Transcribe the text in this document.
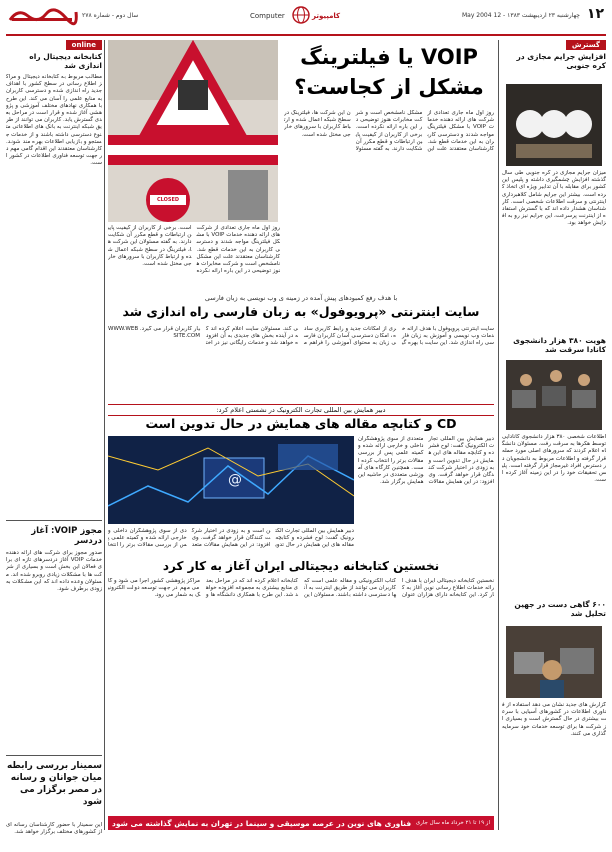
۱۲
چهارشنبه ۲۳ اردیبهشت ۱۳۸۳ - 12 May 2004
کامپیوتر
Computer
سال دوم - شماره ۲۷۸
online
کتابخانه دیجیتال راه اندازی شد
مطالب مربوط به کتابخانه دیجیتال و مراکز اطلاع رسانی در سطح کشور با اهداف جدید راه اندازی شده و دسترسی کاربران به منابع علمی را آسان می کند. این طرح با همکاری نهادهای مختلف آموزشی و پژوهشی آغاز شده و قرار است در مراحل بعدی گسترش یابد. کاربران می توانند از طریق شبکه اینترنت به بانک های اطلاعاتی متنوع دسترسی داشته باشند و از خدمات جستجو و بازیابی اطلاعات بهره مند شوند. کارشناسان معتقدند این اقدام گامی مهم در جهت توسعه فناوری اطلاعات در کشور است.
مجوز VOIP: آغاز دردسر
صدور مجوز برای شرکت های ارائه دهنده خدمات VOIP آغاز دردسرهای تازه ای برای فعالان این بخش است و بسیاری از شرکت ها با مشکلات زیادی روبرو شده اند. مسئولان وعده داده اند که این مشکلات به زودی برطرف شود.
سمینار بررسی رابطه میان جوانان و رسانه در مصر برگزار می شود
این سمینار با حضور کارشناسان رسانه ای از کشورهای مختلف برگزار خواهد شد.
CLOSED
VOIP یا فیلترینگ
مشکل از کجاست؟
روز اول ماه جاری تعدادی از شرکت های ارائه دهنده خدمات VOIP با مشکل فیلترینگ مواجه شدند و دسترسی کاربران به این خدمات قطع شد. کارشناسان معتقدند علت این مشکل نامشخص است و شرکت مخابرات هنوز توضیحی در این باره ارائه نکرده است. برخی از کاربران از کیفیت پایین ارتباطات و قطع مکرر آن شکایت دارند. به گفته مسئولان این شرکت ها، فیلترینگ در سطح شبکه اعمال شده و ارتباط کاربران با سرورهای خارجی مختل شده است.
روز اول ماه جاری تعدادی از شرکت های ارائه دهنده خدمات VOIP با مشکل فیلترینگ مواجه شدند و دسترسی کاربران به این خدمات قطع شد. کارشناسان معتقدند علت این مشکل نامشخص است و شرکت مخابرات هنوز توضیحی در این باره ارائه نکرده است. برخی از کاربران از کیفیت پایین ارتباطات و قطع مکرر آن شکایت دارند. به گفته مسئولان این شرکت ها، فیلترینگ در سطح شبکه اعمال شده و ارتباط کاربران با سرورهای خارجی مختل شده است.
با هدف رفع کمبودهای پیش آمده در زمینه ی وب نویسی به زبان فارسی
سایت اینترنتی «پرویوفول» به زبان فارسی راه اندازی شد
سایت اینترنتی پرویوفول با هدف ارائه خدمات وب نویسی و آموزش به زبان فارسی راه اندازی شد. این سایت با بهره گیری از امکانات جدید و رابط کاربری ساده، امکان دسترسی آسان کاربران فارسی زبان به محتوای آموزشی را فراهم می کند. مسئولان سایت اعلام کرده اند که در آینده بخش های جدیدی به آن افزوده خواهد شد و خدمات رایگانی نیز در اختیار کاربران قرار می گیرد. WWW.WEBSITE.COM
دبیر همایش بین المللی تجارت الکترونیک در نشستی اعلام کرد:
CD و کتابچه مقاله های همایش در حال تدوین است
@
دبیر همایش بین المللی تجارت الکترونیک گفت: لوح فشرده و کتابچه مقاله های این همایش در حال تدوین است و به زودی در اختیار شرکت کنندگان قرار خواهد گرفت. وی افزود: در این همایش مقالات متعددی از سوی پژوهشگران داخلی و خارجی ارائه شده و کمیته علمی پس از بررسی مقالات برتر را انتخاب کرده است. همچنین کارگاه های آموزشی متعددی در حاشیه این همایش برگزار شد.
دبیر همایش بین المللی تجارت الکترونیک گفت: لوح فشرده و کتابچه مقاله های این همایش در حال تدوین است و به زودی در اختیار شرکت کنندگان قرار خواهد گرفت. وی افزود: در این همایش مقالات متعددی از سوی پژوهشگران داخلی و خارجی ارائه شده و کمیته علمی پس از بررسی مقالات برتر را انتخا
نخستین کتابخانه دیجیتالی ایران آغاز به کار کرد
نخستین کتابخانه دیجیتالی ایران با هدف ارائه خدمات اطلاع رسانی نوین آغاز به کار کرد. این کتابخانه دارای هزاران عنوان کتاب الکترونیکی و مقاله علمی است که کاربران می توانند از طریق اینترنت به آنها دسترسی داشته باشند. مسئولان این کتابخانه اعلام کرده اند که در مراحل بعدی منابع بیشتری به مجموعه افزوده خواهد شد. این طرح با همکاری دانشگاه ها و مراکز پژوهشی کشور اجرا می شود و گامی مهم در جهت توسعه دولت الکترونیک به شمار می رود.
فناوری های نوین در عرصه موسیقی و سینما در تهران به نمایش گذاشته می شود از ۱۹ تا ۲۱ خرداد ماه سال جاری
گسترش
افزایش جرایم مجازی در کره جنوبی
میزان جرایم مجازی در کره جنوبی طی سال گذشته افزایش چشمگیری داشته و پلیس این کشور برای مقابله با آن تدابیر ویژه ای اتخاذ کرده است. بیشتر این جرایم شامل کلاهبرداری اینترنتی و سرقت اطلاعات شخصی است. کارشناسان هشدار داده اند که با گسترش استفاده از اینترنت پرسرعت، این جرایم نیز رو به افزایش خواهد بود.
هویت ۳۸۰ هزار دانشجوی کانادا سرقت شد
اطلاعات شخصی ۳۸۰ هزار دانشجوی کانادایی توسط هکرها به سرقت رفت. مسئولان دانشگاه اعلام کردند که سرورهای اصلی مورد حمله قرار گرفته و اطلاعات مربوط به دانشجویان در دسترس افراد غیرمجاز قرار گرفته است. پلیس تحقیقات خود را در این زمینه آغاز کرده است.
۶۰۰ گاهی دست در جهین تحلیل شد
گزارش های جدید نشان می دهد استفاده از فناوری اطلاعات در کشورهای آسیایی با سرعت بیشتری در حال گسترش است و بسیاری از شرکت ها برای توسعه خدمات خود سرمایه گذاری می کنند.
